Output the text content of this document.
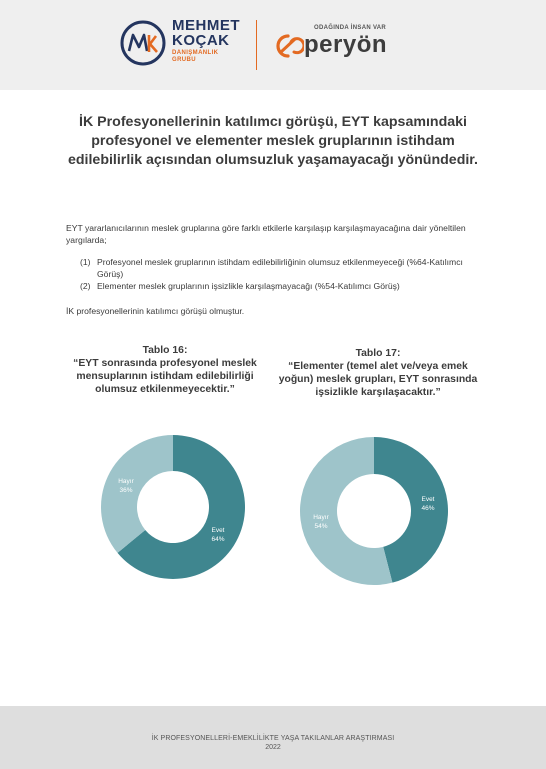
MEHMET
KOÇAK
DANIŞMANLIK
GRUBU
ODAĞINDA İNSAN VAR
peryön
İK Profesyonellerinin katılımcı görüşü, EYT kapsamındaki profesyonel ve elementer meslek gruplarının istihdam edilebilirlik açısından olumsuzluk yaşamayacağı yönündedir.
EYT yararlanıcılarının meslek gruplarına göre farklı etkilerle karşılaşıp karşılaşmayacağına dair yöneltilen yargılarda;
(1) Profesyonel meslek gruplarının istihdam edilebilirliğinin olumsuz etkilenmeyeceği (%64-Katılımcı Görüş)
(2) Elementer meslek gruplarının işsizlikle karşılaşmayacağı (%54-Katılımcı Görüş)
İK profesyonellerinin katılımcı görüşü olmuştur.
Tablo 16:
“EYT sonrasında profesyonel meslek mensuplarının istihdam edilebilirliği olumsuz etkilenmeyecektir.”
Tablo 17:
“Elementer (temel alet ve/veya emek yoğun) meslek grupları, EYT sonrasında işsizlikle karşılaşacaktır.”
Evet 64%
Hayır 36%
Evet 46%
Hayır 54%
İK PROFESYONELLERİ-EMEKLİLİKTE YAŞA TAKILANLAR ARAŞTIRMASI
2022
